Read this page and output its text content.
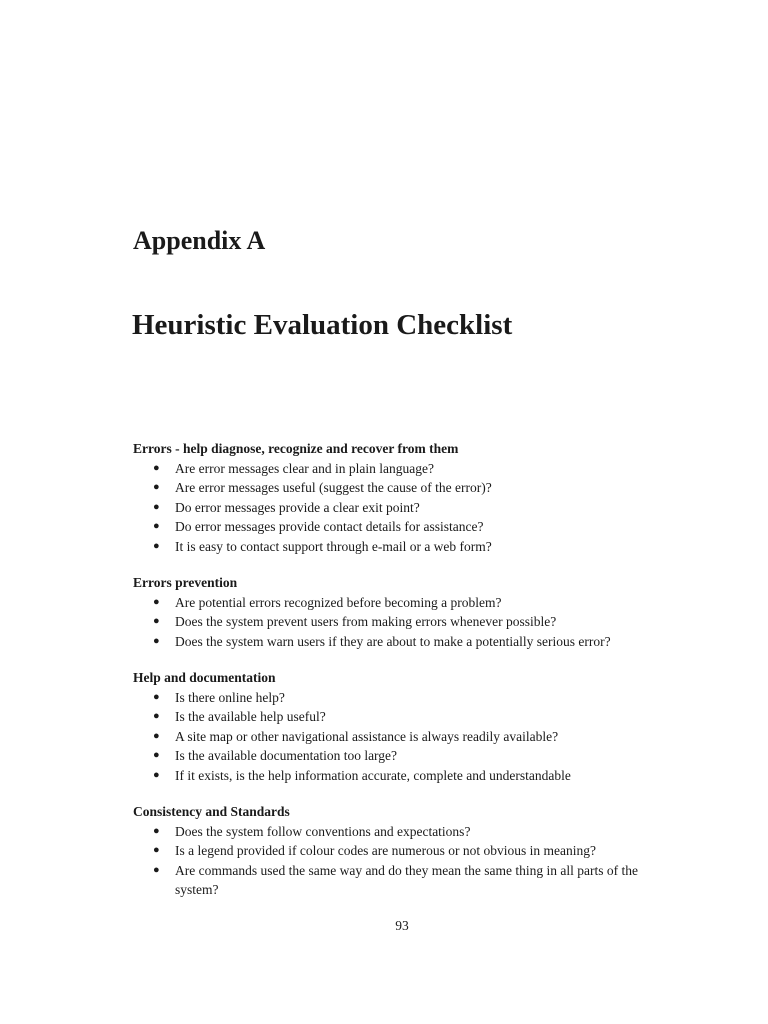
Appendix A
Heuristic Evaluation Checklist
Errors - help diagnose, recognize and recover from them
● Are error messages clear and in plain language?
● Are error messages useful (suggest the cause of the error)?
● Do error messages provide a clear exit point?
● Do error messages provide contact details for assistance?
● It is easy to contact support through e-mail or a web form?
Errors prevention
● Are potential errors recognized before becoming a problem?
● Does the system prevent users from making errors whenever possible?
● Does the system warn users if they are about to make a potentially serious error?
Help and documentation
● Is there online help?
● Is the available help useful?
● A site map or other navigational assistance is always readily available?
● Is the available documentation too large?
● If it exists, is the help information accurate, complete and understandable
Consistency and Standards
● Does the system follow conventions and expectations?
● Is a legend provided if colour codes are numerous or not obvious in meaning?
● Are commands used the same way and do they mean the same thing in all parts of the system?
93
